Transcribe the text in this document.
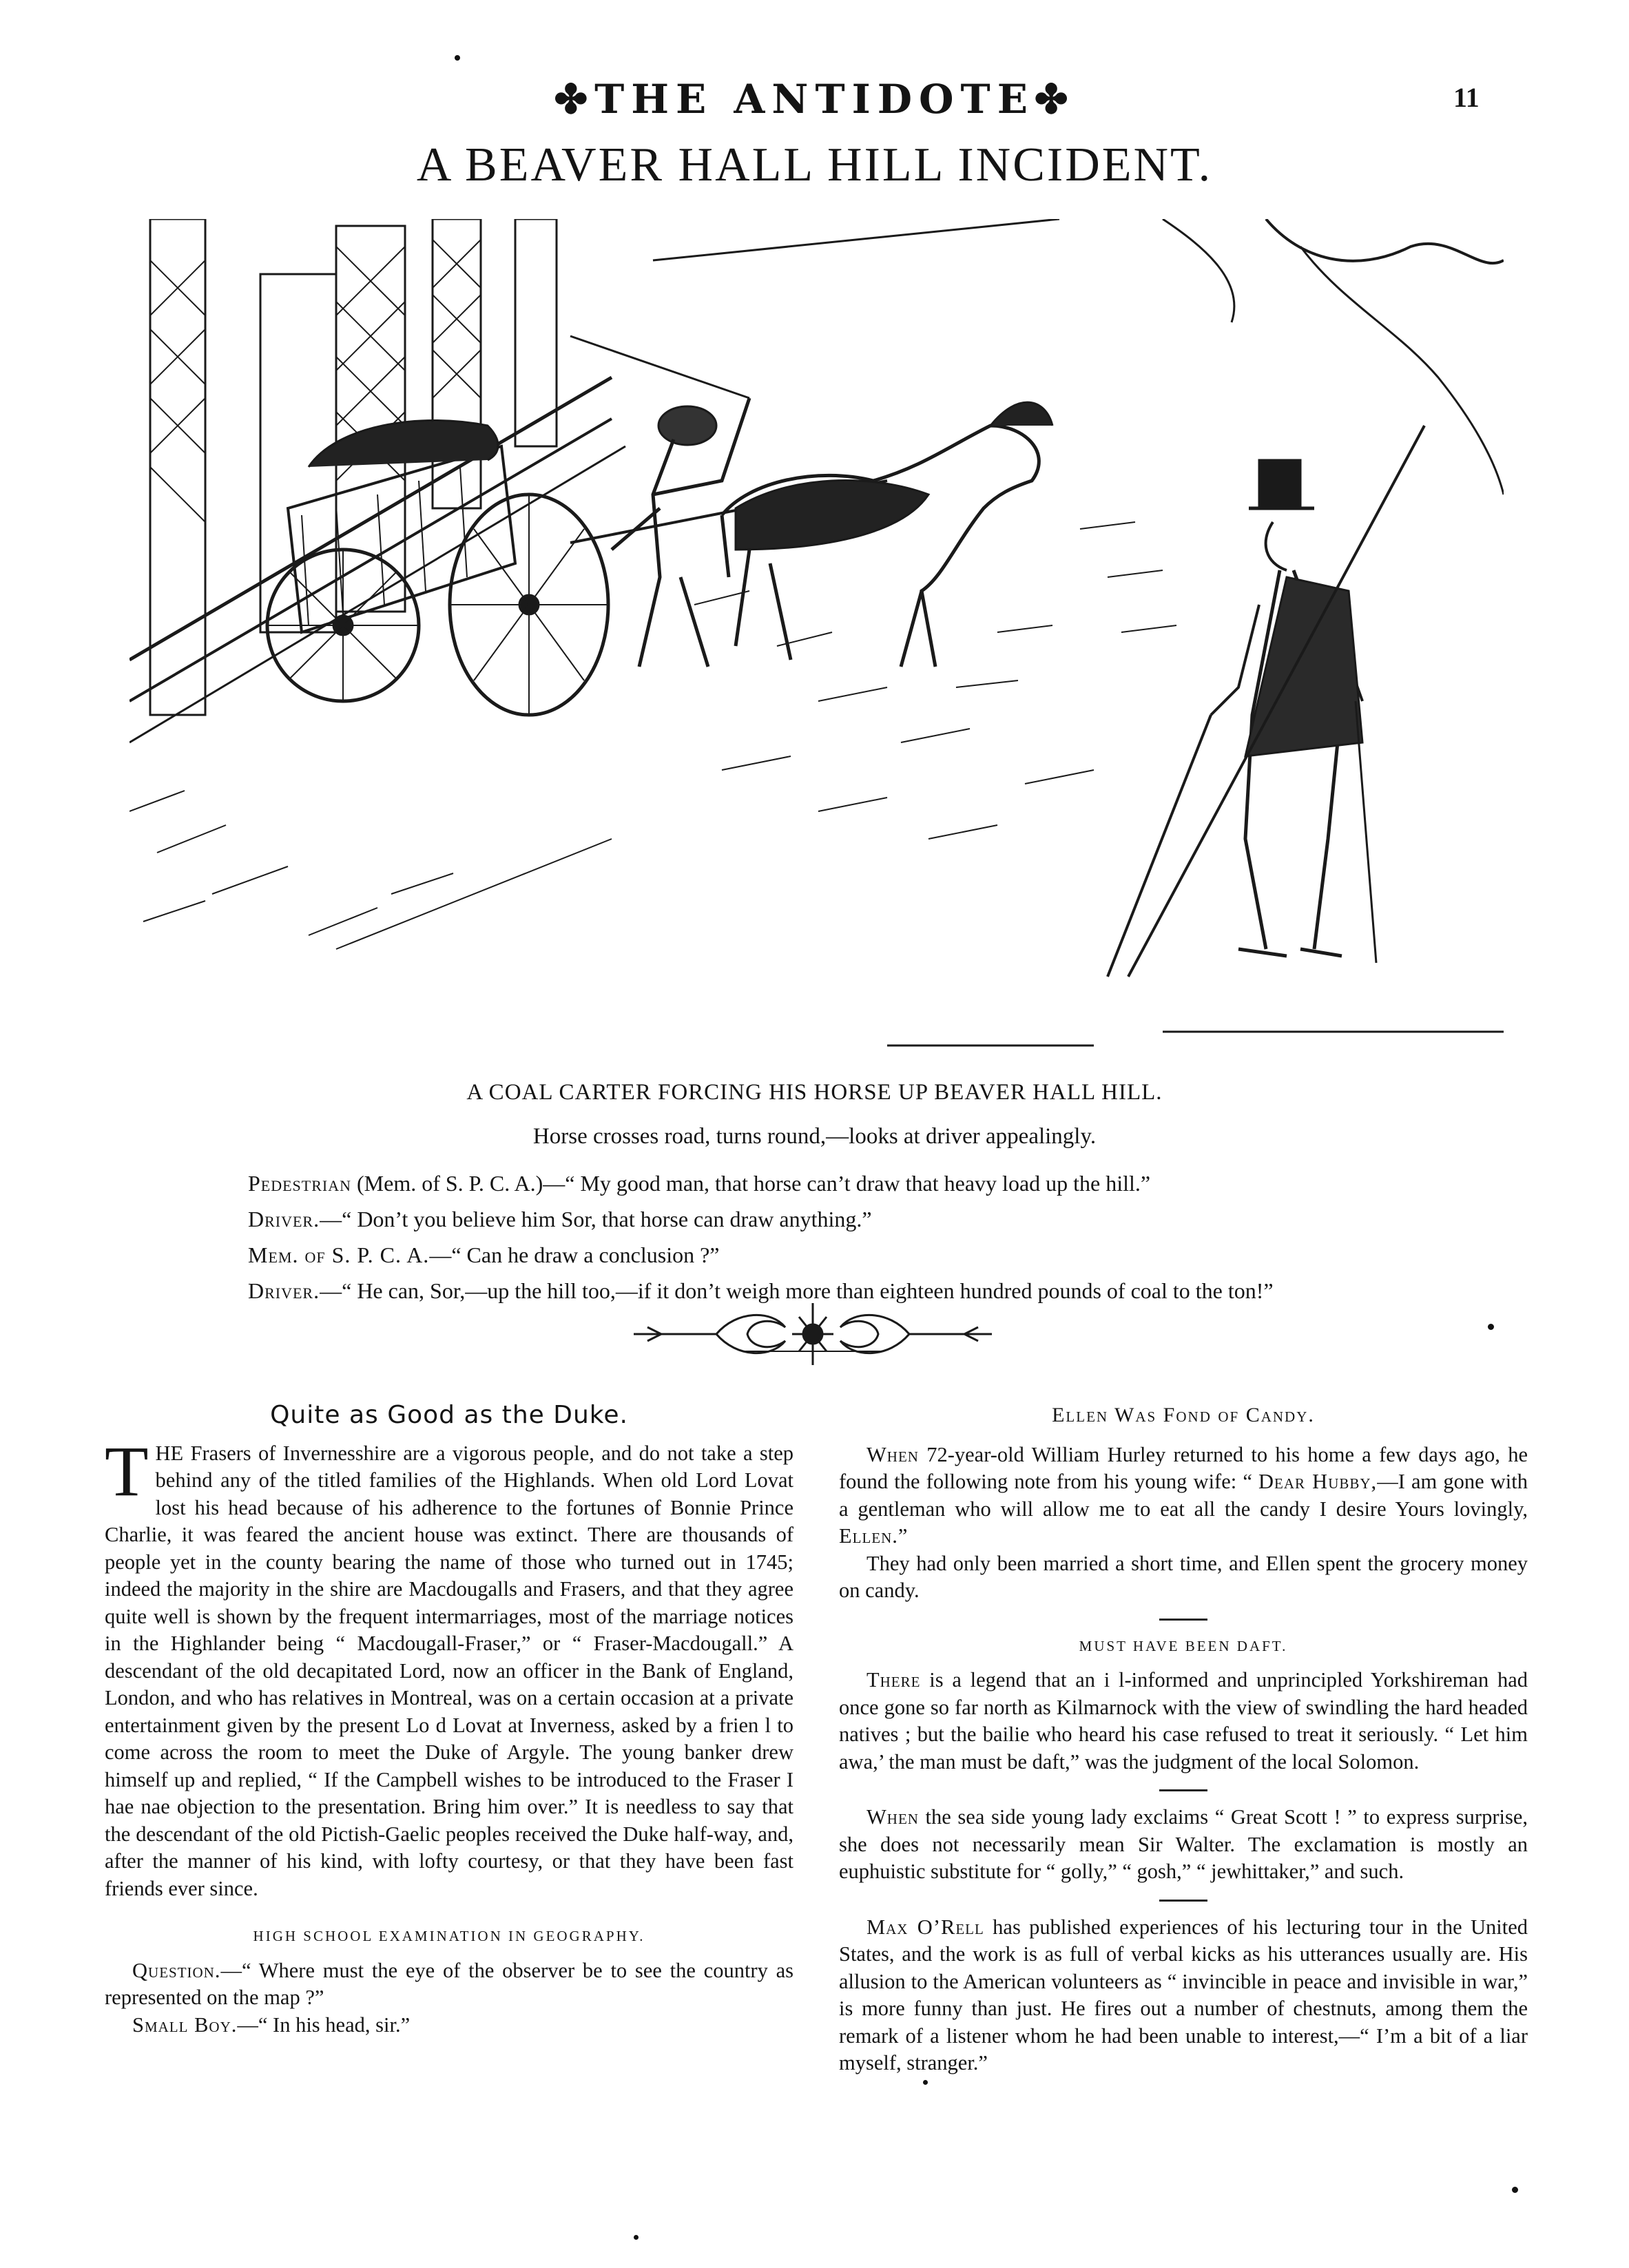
✤THE ANTIDOTE✤	11
A BEAVER HALL HILL INCIDENT.
A COAL CARTER FORCING HIS HORSE UP BEAVER HALL HILL.
Horse crosses road, turns round,—looks at driver appealingly.
Pedestrian (Mem. of S. P. C. A.)—“ My good man, that horse can’t draw that heavy load up the hill.”
Driver.—“ Don’t you believe him Sor, that horse can draw anything.”
Mem. of S. P. C. A.—“ Can he draw a conclusion ?”
Driver.—“ He can, Sor,—up the hill too,—if it don’t weigh more than eighteen hundred pounds of coal to the ton!”
Quite as Good as the Duke.

THE Frasers of Invernesshire are a vigorous people, and do not take a step behind any of the titled families of the Highlands. When old Lord Lovat lost his head because of his adherence to the fortunes of Bonnie Prince Charlie, it was feared the ancient house was extinct. There are thousands of people yet in the county bearing the name of those who turned out in 1745; indeed the majority in the shire are Macdougalls and Frasers, and that they agree quite well is shown by the frequent intermarriages, most of the marriage notices in the Highlander being “ Macdougall-Fraser,” or “ Fraser-Macdougall.” A descendant of the old decapitated Lord, now an officer in the Bank of England, London, and who has relatives in Montreal, was on a certain occasion at a private entertainment given by the present Lo d Lovat at Inverness, asked by a frien l to come across the room to meet the Duke of Argyle. The young banker drew himself up and replied, “ If the Campbell wishes to be introduced to the Fraser I hae nae objection to the presentation. Bring him over.” It is needless to say that the descendant of the old Pictish-Gaelic peoples received the Duke half-way, and, after the manner of his kind, with lofty courtesy, or that they have been fast friends ever since.

HIGH SCHOOL EXAMINATION IN GEOGRAPHY.

Question.—“ Where must the eye of the observer be to see the country as represented on the map ?”

Small Boy.—“ In his head, sir.”

Ellen Was Fond of Candy.

When 72-year-old William Hurley returned to his home a few days ago, he found the following note from his young wife: “ Dear Hubby,—I am gone with a gentleman who will allow me to eat all the candy I desire Yours lovingly, Ellen.”

They had only been married a short time, and Ellen spent the grocery money on candy.

MUST HAVE BEEN DAFT.

There is a legend that an i l-informed and unprincipled Yorkshireman had once gone so far north as Kilmarnock with the view of swindling the hard headed natives ; but the bailie who heard his case refused to treat it seriously. “ Let him awa,’ the man must be daft,” was the judgment of the local Solomon.

When the sea side young lady exclaims “ Great Scott ! ” to express surprise, she does not necessarily mean Sir Walter. The exclamation is mostly an euphuistic substitute for “ golly,” “ gosh,” “ jewhittaker,” and such.

Max O’Rell has published experiences of his lecturing tour in the United States, and the work is as full of verbal kicks as his utterances usually are. His allusion to the American volunteers as “ invincible in peace and invisible in war,” is more funny than just. He fires out a number of chestnuts, among them the remark of a listener whom he had been unable to interest,—“ I’m a bit of a liar myself, stranger.”
